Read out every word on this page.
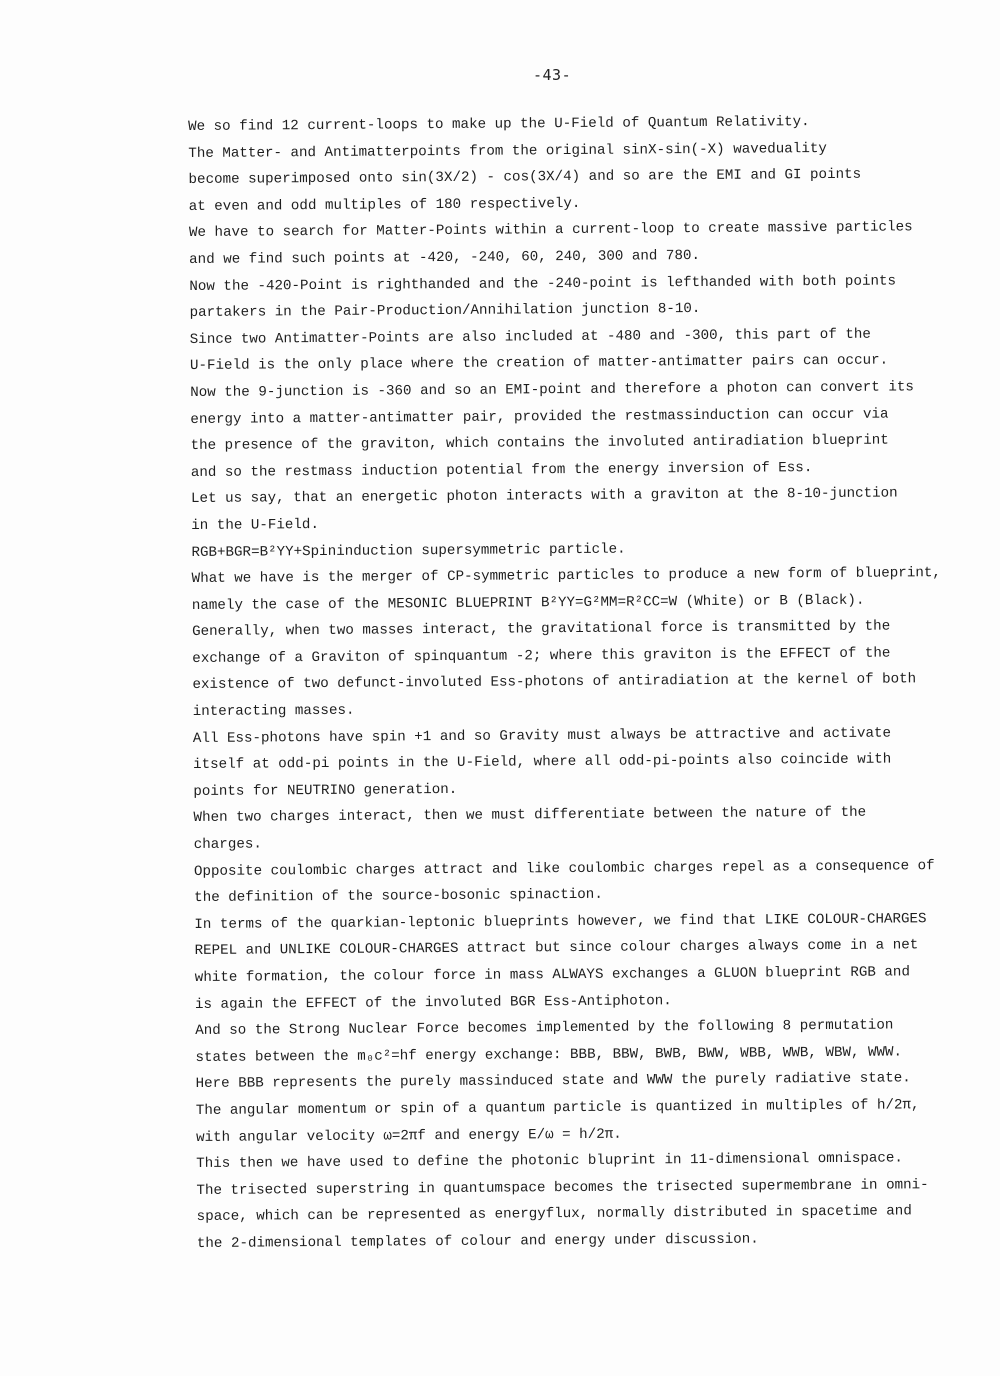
-43-
We so find 12 current-loops to make up the U-Field of Quantum Relativity.
The Matter- and Antimatterpoints from the original sinX-sin(-X) waveduality
become superimposed onto sin(3X/2) - cos(3X/4) and so are the EMI and GI points
at even and odd multiples of 180 respectively.
We have to search for Matter-Points within a current-loop to create massive particles
and we find such points at -420, -240, 60, 240, 300 and 780.
Now the -420-Point is righthanded and the -240-point is lefthanded with both points
partakers in the Pair-Production/Annihilation junction 8-10.
Since two Antimatter-Points are also included at -480 and -300, this part of the
U-Field is the only place where the creation of matter-antimatter pairs can occur.
Now the 9-junction is -360 and so an EMI-point and therefore a photon can convert its
energy into a matter-antimatter pair, provided the restmassinduction can occur via
the presence of the graviton, which contains the involuted antiradiation blueprint
and so the restmass induction potential from the energy inversion of Ess.
Let us say, that an energetic photon interacts with a graviton at the 8-10-junction
in the U-Field.
RGB+BGR=B²YY+Spininduction supersymmetric particle.
What we have is the merger of CP-symmetric particles to produce a new form of blueprint,
namely the case of the MESONIC BLUEPRINT B²YY=G²MM=R²CC=W (White) or B (Black).
Generally, when two masses interact, the gravitational force is transmitted by the
exchange of a Graviton of spinquantum -2; where this graviton is the EFFECT of the
existence of two defunct-involuted Ess-photons of antiradiation at the kernel of both
interacting masses.
All Ess-photons have spin +1 and so Gravity must always be attractive and activate
itself at odd-pi points in the U-Field, where all odd-pi-points also coincide with
points for NEUTRINO generation.
When two charges interact, then we must differentiate between the nature of the
charges.
Opposite coulombic charges attract and like coulombic charges repel as a consequence of
the definition of the source-bosonic spinaction.
In terms of the quarkian-leptonic blueprints however, we find that LIKE COLOUR-CHARGES
REPEL and UNLIKE COLOUR-CHARGES attract but since colour charges always come in a net
white formation, the colour force in mass ALWAYS exchanges a GLUON blueprint RGB and
is again the EFFECT of the involuted BGR Ess-Antiphoton.
And so the Strong Nuclear Force becomes implemented by the following 8 permutation
states between the m₀c²=hf energy exchange: BBB, BBW, BWB, BWW, WBB, WWB, WBW, WWW.
Here BBB represents the purely massinduced state and WWW the purely radiative state.
The angular momentum or spin of a quantum particle is quantized in multiples of h/2π,
with angular velocity ω=2πf and energy E/ω = h/2π.
This then we have used to define the photonic bluprint in 11-dimensional omnispace.
The trisected superstring in quantumspace becomes the trisected supermembrane in omni-
space, which can be represented as energyflux, normally distributed in spacetime and
the 2-dimensional templates of colour and energy under discussion.
